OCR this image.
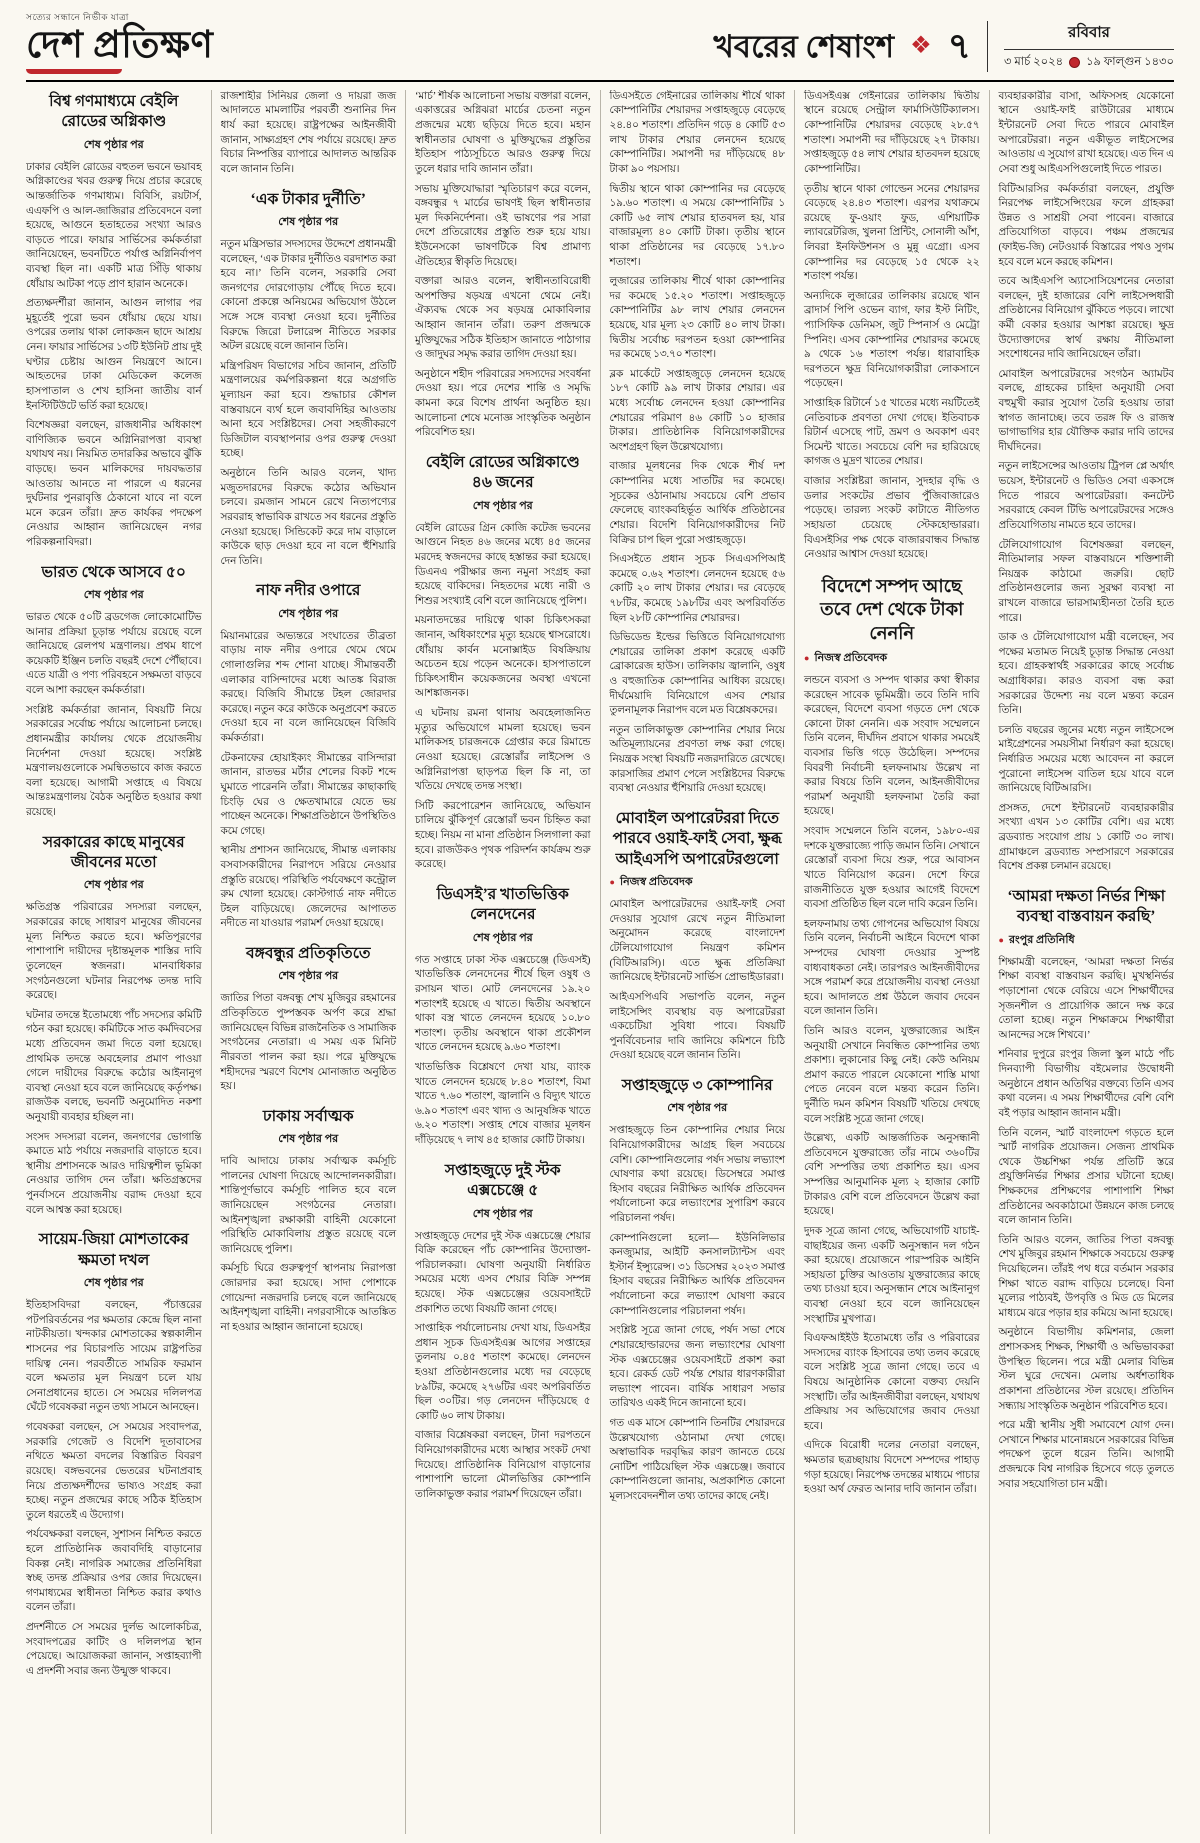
সত্যের সন্ধানে নির্ভীক যাত্রা
দেশ প্রতিক্ষণ	খবরের শেষাংশ ❖ ৭	রবিবার
৩ মার্চ ২০২৪ ১৯ ফাল্গুন ১৪৩০
বিশ্ব গণমাধ্যমে বেইলি রোডের অগ্নিকাণ্ড
শেষ পৃষ্ঠার পর

ঢাকার বেইলি রোডের বহুতল ভবনে ভয়াবহ অগ্নিকাণ্ডের খবর গুরুত্ব দিয়ে প্রচার করেছে আন্তর্জাতিক গণমাধ্যম। বিবিসি, রয়টার্স, এএফপি ও আল-জাজিরার প্রতিবেদনে বলা হয়েছে, আগুনে হতাহতের সংখ্যা আরও বাড়তে পারে। ফায়ার সার্ভিসের কর্মকর্তারা জানিয়েছেন, ভবনটিতে পর্যাপ্ত অগ্নিনির্বাপণ ব্যবস্থা ছিল না। একটি মাত্র সিঁড়ি থাকায় ধোঁয়ায় আটকা পড়ে প্রাণ হারান অনেকে।

প্রত্যক্ষদর্শীরা জানান, আগুন লাগার পর মুহূর্তেই পুরো ভবন ধোঁয়ায় ছেয়ে যায়। ওপরের তলায় থাকা লোকজন ছাদে আশ্রয় নেন। ফায়ার সার্ভিসের ১৩টি ইউনিট প্রায় দুই ঘণ্টার চেষ্টায় আগুন নিয়ন্ত্রণে আনে। আহতদের ঢাকা মেডিকেল কলেজ হাসপাতাল ও শেখ হাসিনা জাতীয় বার্ন ইনস্টিটিউটে ভর্তি করা হয়েছে।

বিশেষজ্ঞরা বলছেন, রাজধানীর অধিকাংশ বাণিজ্যিক ভবনে অগ্নিনিরাপত্তা ব্যবস্থা যথাযথ নয়। নিয়মিত তদারকির অভাবে ঝুঁকি বাড়ছে। ভবন মালিকদের দায়বদ্ধতার আওতায় আনতে না পারলে এ ধরনের দুর্ঘটনার পুনরাবৃত্তি ঠেকানো যাবে না বলে মনে করেন তাঁরা। দ্রুত কার্যকর পদক্ষেপ নেওয়ার আহ্বান জানিয়েছেন নগর পরিকল্পনাবিদরা।

ভারত থেকে আসবে ৫০
শেষ পৃষ্ঠার পর

ভারত থেকে ৫০টি ব্রডগেজ লোকোমোটিভ আনার প্রক্রিয়া চূড়ান্ত পর্যায়ে রয়েছে বলে জানিয়েছে রেলপথ মন্ত্রণালয়। প্রথম ধাপে কয়েকটি ইঞ্জিন চলতি বছরই দেশে পৌঁছাবে। এতে যাত্রী ও পণ্য পরিবহনে সক্ষমতা বাড়বে বলে আশা করছেন কর্মকর্তারা।

সংশ্লিষ্ট কর্মকর্তারা জানান, বিষয়টি নিয়ে সরকারের সর্বোচ্চ পর্যায়ে আলোচনা চলছে। প্রধানমন্ত্রীর কার্যালয় থেকে প্রয়োজনীয় নির্দেশনা দেওয়া হয়েছে। সংশ্লিষ্ট মন্ত্রণালয়গুলোকে সমন্বিতভাবে কাজ করতে বলা হয়েছে। আগামী সপ্তাহে এ বিষয়ে আন্তঃমন্ত্রণালয় বৈঠক অনুষ্ঠিত হওয়ার কথা রয়েছে।

সরকারের কাছে মানুষের জীবনের মতো
শেষ পৃষ্ঠার পর

ক্ষতিগ্রস্ত পরিবারের সদস্যরা বলছেন, সরকারের কাছে সাধারণ মানুষের জীবনের মূল্য নিশ্চিত করতে হবে। ক্ষতিপূরণের পাশাপাশি দায়ীদের দৃষ্টান্তমূলক শাস্তির দাবি তুলেছেন স্বজনরা। মানবাধিকার সংগঠনগুলো ঘটনার নিরপেক্ষ তদন্ত দাবি করেছে।

ঘটনার তদন্তে ইতোমধ্যে পাঁচ সদস্যের কমিটি গঠন করা হয়েছে। কমিটিকে সাত কর্মদিবসের মধ্যে প্রতিবেদন জমা দিতে বলা হয়েছে। প্রাথমিক তদন্তে অবহেলার প্রমাণ পাওয়া গেলে দায়ীদের বিরুদ্ধে কঠোর আইনানুগ ব্যবস্থা নেওয়া হবে বলে জানিয়েছে কর্তৃপক্ষ। রাজউক বলছে, ভবনটি অনুমোদিত নকশা অনুযায়ী ব্যবহার হচ্ছিল না।

সংসদ সদস্যরা বলেন, জনগণের ভোগান্তি কমাতে মাঠ পর্যায়ে নজরদারি বাড়াতে হবে। স্থানীয় প্রশাসনকে আরও দায়িত্বশীল ভূমিকা নেওয়ার তাগিদ দেন তাঁরা। ক্ষতিগ্রস্তদের পুনর্বাসনে প্রয়োজনীয় বরাদ্দ দেওয়া হবে বলে আশ্বস্ত করা হয়েছে।

সায়েম-জিয়া মোশতাকের ক্ষমতা দখল
শেষ পৃষ্ঠার পর

ইতিহাসবিদরা বলছেন, পঁচাত্তরের পটপরিবর্তনের পর ক্ষমতার কেন্দ্রে ছিল নানা নাটকীয়তা। খন্দকার মোশতাকের স্বল্পকালীন শাসনের পর বিচারপতি সায়েম রাষ্ট্রপতির দায়িত্ব নেন। পরবর্তীতে সামরিক ফরমান বলে ক্ষমতার মূল নিয়ন্ত্রণ চলে যায় সেনাপ্রধানের হাতে। সে সময়ের দলিলপত্র ঘেঁটে গবেষকরা নতুন তথ্য সামনে আনছেন।

গবেষকরা বলছেন, সে সময়ের সংবাদপত্র, সরকারি গেজেট ও বিদেশি দূতাবাসের নথিতে ক্ষমতা বদলের বিস্তারিত বিবরণ রয়েছে। বঙ্গভবনের ভেতরের ঘটনাপ্রবাহ নিয়ে প্রত্যক্ষদর্শীদের ভাষ্যও সংগ্রহ করা হচ্ছে। নতুন প্রজন্মের কাছে সঠিক ইতিহাস তুলে ধরতেই এ উদ্যোগ।

পর্যবেক্ষকরা বলছেন, সুশাসন নিশ্চিত করতে হলে প্রাতিষ্ঠানিক জবাবদিহি বাড়ানোর বিকল্প নেই। নাগরিক সমাজের প্রতিনিধিরা স্বচ্ছ তদন্ত প্রক্রিয়ার ওপর জোর দিয়েছেন। গণমাধ্যমের স্বাধীনতা নিশ্চিত করার কথাও বলেন তাঁরা।

প্রদর্শনীতে সে সময়ের দুর্লভ আলোকচিত্র, সংবাদপত্রের কাটিং ও দলিলপত্র স্থান পেয়েছে। আয়োজকরা জানান, সপ্তাহব্যাপী এ প্রদর্শনী সবার জন্য উন্মুক্ত থাকবে।

রাজশাহীর সিনিয়র জেলা ও দায়রা জজ আদালতে মামলাটির পরবর্তী শুনানির দিন ধার্য করা হয়েছে। রাষ্ট্রপক্ষের আইনজীবী জানান, সাক্ষ্যগ্রহণ শেষ পর্যায়ে রয়েছে। দ্রুত বিচার নিষ্পত্তির ব্যাপারে আদালত আন্তরিক বলে জানান তিনি।

‘এক টাকার দুর্নীতি’
শেষ পৃষ্ঠার পর

নতুন মন্ত্রিসভার সদস্যদের উদ্দেশে প্রধানমন্ত্রী বলেছেন, ‘এক টাকার দুর্নীতিও বরদাশত করা হবে না।’ তিনি বলেন, সরকারি সেবা জনগণের দোরগোড়ায় পৌঁছে দিতে হবে। কোনো প্রকল্পে অনিয়মের অভিযোগ উঠলে সঙ্গে সঙ্গে ব্যবস্থা নেওয়া হবে। দুর্নীতির বিরুদ্ধে জিরো টলারেন্স নীতিতে সরকার অটল রয়েছে বলে জানান তিনি।

মন্ত্রিপরিষদ বিভাগের সচিব জানান, প্রতিটি মন্ত্রণালয়ের কর্মপরিকল্পনা ধরে অগ্রগতি মূল্যায়ন করা হবে। শুদ্ধাচার কৌশল বাস্তবায়নে ব্যর্থ হলে জবাবদিহির আওতায় আনা হবে সংশ্লিষ্টদের। সেবা সহজীকরণে ডিজিটাল ব্যবস্থাপনার ওপর গুরুত্ব দেওয়া হচ্ছে।

অনুষ্ঠানে তিনি আরও বলেন, খাদ্য মজুতদারদের বিরুদ্ধে কঠোর অভিযান চলবে। রমজান সামনে রেখে নিত্যপণ্যের সরবরাহ স্বাভাবিক রাখতে সব ধরনের প্রস্তুতি নেওয়া হয়েছে। সিন্ডিকেট করে দাম বাড়ালে কাউকে ছাড় দেওয়া হবে না বলে হুঁশিয়ারি দেন তিনি।

নাফ নদীর ওপারে
শেষ পৃষ্ঠার পর

মিয়ানমারের অভ্যন্তরে সংঘাতের তীব্রতা বাড়ায় নাফ নদীর ওপারে থেমে থেমে গোলাগুলির শব্দ শোনা যাচ্ছে। সীমান্তবর্তী এলাকার বাসিন্দাদের মধ্যে আতঙ্ক বিরাজ করছে। বিজিবি সীমান্তে টহল জোরদার করেছে। নতুন করে কাউকে অনুপ্রবেশ করতে দেওয়া হবে না বলে জানিয়েছেন বিজিবি কর্মকর্তারা।

টেকনাফের হোয়াইক্যং সীমান্তের বাসিন্দারা জানান, রাতভর মর্টার শেলের বিকট শব্দে ঘুমাতে পারেননি তাঁরা। সীমান্তের কাছাকাছি চিংড়ি ঘের ও ক্ষেতখামারে যেতে ভয় পাচ্ছেন অনেকে। শিক্ষাপ্রতিষ্ঠানে উপস্থিতিও কমে গেছে।

স্থানীয় প্রশাসন জানিয়েছে, সীমান্ত এলাকায় বসবাসকারীদের নিরাপদে সরিয়ে নেওয়ার প্রস্তুতি রয়েছে। পরিস্থিতি পর্যবেক্ষণে কন্ট্রোল রুম খোলা হয়েছে। কোস্টগার্ড নাফ নদীতে টহল বাড়িয়েছে। জেলেদের আপাতত নদীতে না যাওয়ার পরামর্শ দেওয়া হয়েছে।

বঙ্গবন্ধুর প্রতিকৃতিতে
শেষ পৃষ্ঠার পর

জাতির পিতা বঙ্গবন্ধু শেখ মুজিবুর রহমানের প্রতিকৃতিতে পুষ্পস্তবক অর্পণ করে শ্রদ্ধা জানিয়েছেন বিভিন্ন রাজনৈতিক ও সামাজিক সংগঠনের নেতারা। এ সময় এক মিনিট নীরবতা পালন করা হয়। পরে মুক্তিযুদ্ধে শহীদদের স্মরণে বিশেষ মোনাজাত অনুষ্ঠিত হয়।

ঢাকায় সর্বাত্মক
শেষ পৃষ্ঠার পর

দাবি আদায়ে ঢাকায় সর্বাত্মক কর্মসূচি পালনের ঘোষণা দিয়েছে আন্দোলনকারীরা। শান্তিপূর্ণভাবে কর্মসূচি পালিত হবে বলে জানিয়েছেন সংগঠনের নেতারা। আইনশৃঙ্খলা রক্ষাকারী বাহিনী যেকোনো পরিস্থিতি মোকাবিলায় প্রস্তুত রয়েছে বলে জানিয়েছে পুলিশ।

কর্মসূচি ঘিরে গুরুত্বপূর্ণ স্থাপনায় নিরাপত্তা জোরদার করা হয়েছে। সাদা পোশাকে গোয়েন্দা নজরদারি চলছে বলে জানিয়েছে আইনশৃঙ্খলা বাহিনী। নগরবাসীকে আতঙ্কিত না হওয়ার আহ্বান জানানো হয়েছে।

‘মার্চ’ শীর্ষক আলোচনা সভায় বক্তারা বলেন, একাত্তরের অগ্নিঝরা মার্চের চেতনা নতুন প্রজন্মের মধ্যে ছড়িয়ে দিতে হবে। মহান স্বাধীনতার ঘোষণা ও মুক্তিযুদ্ধের প্রস্তুতির ইতিহাস পাঠ্যসূচিতে আরও গুরুত্ব দিয়ে তুলে ধরার দাবি জানান তাঁরা।

সভায় মুক্তিযোদ্ধারা স্মৃতিচারণ করে বলেন, বঙ্গবন্ধুর ৭ মার্চের ভাষণই ছিল স্বাধীনতার মূল দিকনির্দেশনা। ওই ভাষণের পর সারা দেশে প্রতিরোধের প্রস্তুতি শুরু হয়ে যায়। ইউনেসকো ভাষণটিকে বিশ্ব প্রামাণ্য ঐতিহ্যের স্বীকৃতি দিয়েছে।

বক্তারা আরও বলেন, স্বাধীনতাবিরোধী অপশক্তির ষড়যন্ত্র এখনো থেমে নেই। ঐক্যবদ্ধ থেকে সব ষড়যন্ত্র মোকাবিলার আহ্বান জানান তাঁরা। তরুণ প্রজন্মকে মুক্তিযুদ্ধের সঠিক ইতিহাস জানাতে পাঠাগার ও জাদুঘর সমৃদ্ধ করার তাগিদ দেওয়া হয়।

অনুষ্ঠানে শহীদ পরিবারের সদস্যদের সংবর্ধনা দেওয়া হয়। পরে দেশের শান্তি ও সমৃদ্ধি কামনা করে বিশেষ প্রার্থনা অনুষ্ঠিত হয়। আলোচনা শেষে মনোজ্ঞ সাংস্কৃতিক অনুষ্ঠান পরিবেশিত হয়।

বেইলি রোডের অগ্নিকাণ্ডে ৪৬ জনের
শেষ পৃষ্ঠার পর

বেইলি রোডের গ্রিন কোজি কটেজ ভবনের আগুনে নিহত ৪৬ জনের মধ্যে ৪৫ জনের মরদেহ স্বজনদের কাছে হস্তান্তর করা হয়েছে। ডিএনএ পরীক্ষার জন্য নমুনা সংগ্রহ করা হয়েছে বাকিদের। নিহতদের মধ্যে নারী ও শিশুর সংখ্যাই বেশি বলে জানিয়েছে পুলিশ।

ময়নাতদন্তের দায়িত্বে থাকা চিকিৎসকরা জানান, অধিকাংশের মৃত্যু হয়েছে শ্বাসরোধে। ধোঁয়ায় কার্বন মনোক্সাইড বিষক্রিয়ায় অচেতন হয়ে পড়েন অনেকে। হাসপাতালে চিকিৎসাধীন কয়েকজনের অবস্থা এখনো আশঙ্কাজনক।

এ ঘটনায় রমনা থানায় অবহেলাজনিত মৃত্যুর অভিযোগে মামলা হয়েছে। ভবন মালিকসহ চারজনকে গ্রেপ্তার করে রিমান্ডে নেওয়া হয়েছে। রেস্তোরাঁর লাইসেন্স ও অগ্নিনিরাপত্তা ছাড়পত্র ছিল কি না, তা খতিয়ে দেখছে তদন্ত সংস্থা।

সিটি করপোরেশন জানিয়েছে, অভিযান চালিয়ে ঝুঁকিপূর্ণ রেস্তোরাঁ ভবন চিহ্নিত করা হচ্ছে। নিয়ম না মানা প্রতিষ্ঠান সিলগালা করা হবে। রাজউকও পৃথক পরিদর্শন কার্যক্রম শুরু করেছে।

ডিএসই’র খাতভিত্তিক লেনদেনের
শেষ পৃষ্ঠার পর

গত সপ্তাহে ঢাকা স্টক এক্সচেঞ্জে (ডিএসই) খাতভিত্তিক লেনদেনের শীর্ষে ছিল ওষুধ ও রসায়ন খাত। মোট লেনদেনের ১৯.২০ শতাংশই হয়েছে এ খাতে। দ্বিতীয় অবস্থানে থাকা বস্ত্র খাতে লেনদেন হয়েছে ১০.৮০ শতাংশ। তৃতীয় অবস্থানে থাকা প্রকৌশল খাতে লেনদেন হয়েছে ৯.৬০ শতাংশ।

খাতভিত্তিক বিশ্লেষণে দেখা যায়, ব্যাংক খাতে লেনদেন হয়েছে ৮.৪০ শতাংশ, বিমা খাতে ৭.৬০ শতাংশ, জ্বালানি ও বিদ্যুৎ খাতে ৬.৯০ শতাংশ এবং খাদ্য ও আনুষঙ্গিক খাতে ৬.২০ শতাংশ। সপ্তাহ শেষে বাজার মূলধন দাঁড়িয়েছে ৭ লাখ ৪৫ হাজার কোটি টাকায়।

সপ্তাহজুড়ে দুই স্টক এক্সচেঞ্জে ৫
শেষ পৃষ্ঠার পর

সপ্তাহজুড়ে দেশের দুই স্টক এক্সচেঞ্জে শেয়ার বিক্রি করেছেন পাঁচ কোম্পানির উদ্যোক্তা-পরিচালকরা। ঘোষণা অনুযায়ী নির্ধারিত সময়ের মধ্যে এসব শেয়ার বিক্রি সম্পন্ন হয়েছে। স্টক এক্সচেঞ্জের ওয়েবসাইটে প্রকাশিত তথ্যে বিষয়টি জানা গেছে।

সাপ্তাহিক পর্যালোচনায় দেখা যায়, ডিএসইর প্রধান সূচক ডিএসইএক্স আগের সপ্তাহের তুলনায় ০.৪৫ শতাংশ কমেছে। লেনদেন হওয়া প্রতিষ্ঠানগুলোর মধ্যে দর বেড়েছে ৮৯টির, কমেছে ২৭৬টির এবং অপরিবর্তিত ছিল ৩০টির। গড় লেনদেন দাঁড়িয়েছে ৫ কোটি ৬০ লাখ টাকায়।

বাজার বিশ্লেষকরা বলছেন, টানা দরপতনে বিনিয়োগকারীদের মধ্যে আস্থার সংকট দেখা দিয়েছে। প্রাতিষ্ঠানিক বিনিয়োগ বাড়ানোর পাশাপাশি ভালো মৌলভিত্তির কোম্পানি তালিকাভুক্ত করার পরামর্শ দিয়েছেন তাঁরা।

ডিএসইতে গেইনারের তালিকায় শীর্ষে থাকা কোম্পানিটির শেয়ারদর সপ্তাহজুড়ে বেড়েছে ২৪.৪০ শতাংশ। প্রতিদিন গড়ে ৪ কোটি ৫৩ লাখ টাকার শেয়ার লেনদেন হয়েছে কোম্পানিটির। সমাপনী দর দাঁড়িয়েছে ৪৮ টাকা ৯০ পয়সায়।

দ্বিতীয় স্থানে থাকা কোম্পানির দর বেড়েছে ১৯.৬০ শতাংশ। এ সময়ে কোম্পানিটির ১ কোটি ৬৫ লাখ শেয়ার হাতবদল হয়, যার বাজারমূল্য ৪০ কোটি টাকা। তৃতীয় স্থানে থাকা প্রতিষ্ঠানের দর বেড়েছে ১৭.৮০ শতাংশ।

লুজারের তালিকায় শীর্ষে থাকা কোম্পানির দর কমেছে ১৫.২০ শতাংশ। সপ্তাহজুড়ে কোম্পানিটির ৯৮ লাখ শেয়ার লেনদেন হয়েছে, যার মূল্য ২৩ কোটি ৪০ লাখ টাকা। দ্বিতীয় সর্বোচ্চ দরপতন হওয়া কোম্পানির দর কমেছে ১৩.৭০ শতাংশ।

ব্লক মার্কেটে সপ্তাহজুড়ে লেনদেন হয়েছে ১৮৭ কোটি ৯৯ লাখ টাকার শেয়ার। এর মধ্যে সর্বোচ্চ লেনদেন হওয়া কোম্পানির শেয়ারের পরিমাণ ৪৬ কোটি ১০ হাজার টাকার। প্রাতিষ্ঠানিক বিনিয়োগকারীদের অংশগ্রহণ ছিল উল্লেখযোগ্য।

বাজার মূলধনের দিক থেকে শীর্ষ দশ কোম্পানির মধ্যে সাতটির দর কমেছে। সূচকের ওঠানামায় সবচেয়ে বেশি প্রভাব ফেলেছে ব্যাংকবহির্ভূত আর্থিক প্রতিষ্ঠানের শেয়ার। বিদেশি বিনিয়োগকারীদের নিট বিক্রির চাপ ছিল পুরো সপ্তাহজুড়ে।

সিএসইতে প্রধান সূচক সিএএসপিআই কমেছে ০.৬২ শতাংশ। লেনদেন হয়েছে ৫৬ কোটি ২০ লাখ টাকার শেয়ার। দর বেড়েছে ৭৮টির, কমেছে ১৯৮টির এবং অপরিবর্তিত ছিল ২৮টি কোম্পানির শেয়ারদর।

ডিভিডেন্ড ইল্ডের ভিত্তিতে বিনিয়োগযোগ্য শেয়ারের তালিকা প্রকাশ করেছে একটি ব্রোকারেজ হাউস। তালিকায় জ্বালানি, ওষুধ ও বহুজাতিক কোম্পানির আধিক্য রয়েছে। দীর্ঘমেয়াদি বিনিয়োগে এসব শেয়ার তুলনামূলক নিরাপদ বলে মত বিশ্লেষকদের।

নতুন তালিকাভুক্ত কোম্পানির শেয়ার নিয়ে অতিমূল্যায়নের প্রবণতা লক্ষ করা গেছে। নিয়ন্ত্রক সংস্থা বিষয়টি নজরদারিতে রেখেছে। কারসাজির প্রমাণ পেলে সংশ্লিষ্টদের বিরুদ্ধে ব্যবস্থা নেওয়ার হুঁশিয়ারি দেওয়া হয়েছে।

মোবাইল অপারেটররা দিতে পারবে ওয়াই-ফাই সেবা, ক্ষুব্ধ আইএসপি অপারেটরগুলো
● নিজস্ব প্রতিবেদক

মোবাইল অপারেটরদের ওয়াই-ফাই সেবা দেওয়ার সুযোগ রেখে নতুন নীতিমালা অনুমোদন করেছে বাংলাদেশ টেলিযোগাযোগ নিয়ন্ত্রণ কমিশন (বিটিআরসি)। এতে ক্ষুব্ধ প্রতিক্রিয়া জানিয়েছে ইন্টারনেট সার্ভিস প্রোভাইডাররা।

আইএসপিএবি সভাপতি বলেন, নতুন লাইসেন্সিং ব্যবস্থায় বড় অপারেটররা একচেটিয়া সুবিধা পাবে। বিষয়টি পুনর্বিবেচনার দাবি জানিয়ে কমিশনে চিঠি দেওয়া হয়েছে বলে জানান তিনি।

সপ্তাহজুড়ে ৩ কোম্পানির
শেষ পৃষ্ঠার পর

সপ্তাহজুড়ে তিন কোম্পানির শেয়ার নিয়ে বিনিয়োগকারীদের আগ্রহ ছিল সবচেয়ে বেশি। কোম্পানিগুলোর পর্ষদ সভায় লভ্যাংশ ঘোষণার কথা রয়েছে। ডিসেম্বরে সমাপ্ত হিসাব বছরের নিরীক্ষিত আর্থিক প্রতিবেদন পর্যালোচনা করে লভ্যাংশের সুপারিশ করবে পরিচালনা পর্ষদ।

কোম্পানিগুলো হলো— ইউনিলিভার কনজ্যুমার, আইটি কনসালট্যান্টস এবং ইস্টার্ন ইন্স্যুরেন্স। ৩১ ডিসেম্বর ২০২৩ সমাপ্ত হিসাব বছরের নিরীক্ষিত আর্থিক প্রতিবেদন পর্যালোচনা করে লভ্যাংশ ঘোষণা করবে কোম্পানিগুলোর পরিচালনা পর্ষদ।

সংশ্লিষ্ট সূত্রে জানা গেছে, পর্ষদ সভা শেষে শেয়ারহোল্ডারদের জন্য লভ্যাংশের ঘোষণা স্টক এক্সচেঞ্জের ওয়েবসাইটে প্রকাশ করা হবে। রেকর্ড ডেট পর্যন্ত শেয়ার ধারণকারীরা লভ্যাংশ পাবেন। বার্ষিক সাধারণ সভার তারিখও একই দিনে জানানো হবে।

গত এক মাসে কোম্পানি তিনটির শেয়ারদরে উল্লেখযোগ্য ওঠানামা দেখা গেছে। অস্বাভাবিক দরবৃদ্ধির কারণ জানতে চেয়ে নোটিশ পাঠিয়েছিল স্টক এক্সচেঞ্জ। জবাবে কোম্পানিগুলো জানায়, অপ্রকাশিত কোনো মূল্যসংবেদনশীল তথ্য তাদের কাছে নেই।

ডিএসইএক্স গেইনারের তালিকায় দ্বিতীয় স্থানে রয়েছে সেন্ট্রাল ফার্মাসিউটিক্যালস। কোম্পানিটির শেয়ারদর বেড়েছে ২৮.৫৭ শতাংশ। সমাপনী দর দাঁড়িয়েছে ২৭ টাকায়। সপ্তাহজুড়ে ৫৪ লাখ শেয়ার হাতবদল হয়েছে কোম্পানিটির।

তৃতীয় স্থানে থাকা গোল্ডেন সনের শেয়ারদর বেড়েছে ২৪.৪৩ শতাংশ। এরপর যথাক্রমে রয়েছে ফু-ওয়াং ফুড, এশিয়াটিক ল্যাবরেটরিজ, খুলনা প্রিন্টিং, সোনালী আঁশ, লিবরা ইনফিউশনস ও মুন্নু এগ্রো। এসব কোম্পানির দর বেড়েছে ১৫ থেকে ২২ শতাংশ পর্যন্ত।

অন্যদিকে লুজারের তালিকায় রয়েছে খান ব্রাদার্স পিপি ওভেন ব্যাগ, ফার ইস্ট নিটিং, প্যাসিফিক ডেনিমস, জুট স্পিনার্স ও মেট্রো স্পিনিং। এসব কোম্পানির শেয়ারদর কমেছে ৯ থেকে ১৬ শতাংশ পর্যন্ত। ধারাবাহিক দরপতনে ক্ষুদ্র বিনিয়োগকারীরা লোকসানে পড়েছেন।

সাপ্তাহিক রিটার্নে ১৫ খাতের মধ্যে নয়টিতেই নেতিবাচক প্রবণতা দেখা গেছে। ইতিবাচক রিটার্ন এসেছে পাট, ভ্রমণ ও অবকাশ এবং সিমেন্ট খাতে। সবচেয়ে বেশি দর হারিয়েছে কাগজ ও মুদ্রণ খাতের শেয়ার।

বাজার সংশ্লিষ্টরা জানান, সুদহার বৃদ্ধি ও ডলার সংকটের প্রভাব পুঁজিবাজারেও পড়েছে। তারল্য সংকট কাটাতে নীতিগত সহায়তা চেয়েছে স্টেকহোল্ডাররা। বিএসইসির পক্ষ থেকে বাজারবান্ধব সিদ্ধান্ত নেওয়ার আশ্বাস দেওয়া হয়েছে।

বিদেশে সম্পদ আছে তবে দেশ থেকে টাকা নেননি
● নিজস্ব প্রতিবেদক

লন্ডনে ব্যবসা ও সম্পদ থাকার কথা স্বীকার করেছেন সাবেক ভূমিমন্ত্রী। তবে তিনি দাবি করেছেন, বিদেশে ব্যবসা গড়তে দেশ থেকে কোনো টাকা নেননি। এক সংবাদ সম্মেলনে তিনি বলেন, দীর্ঘদিন প্রবাসে থাকার সময়েই ব্যবসার ভিত্তি গড়ে উঠেছিল। সম্পদের বিবরণী নির্বাচনী হলফনামায় উল্লেখ না করার বিষয়ে তিনি বলেন, আইনজীবীদের পরামর্শ অনুযায়ী হলফনামা তৈরি করা হয়েছে।

সংবাদ সম্মেলনে তিনি বলেন, ১৯৮০-এর দশকে যুক্তরাজ্যে পাড়ি জমান তিনি। সেখানে রেস্তোরাঁ ব্যবসা দিয়ে শুরু, পরে আবাসন খাতে বিনিয়োগ করেন। দেশে ফিরে রাজনীতিতে যুক্ত হওয়ার আগেই বিদেশে ব্যবসা প্রতিষ্ঠিত ছিল বলে দাবি করেন তিনি।

হলফনামায় তথ্য গোপনের অভিযোগ বিষয়ে তিনি বলেন, নির্বাচনী আইনে বিদেশে থাকা সম্পদের ঘোষণা দেওয়ার সুস্পষ্ট বাধ্যবাধকতা নেই। তারপরও আইনজীবীদের সঙ্গে পরামর্শ করে প্রয়োজনীয় ব্যবস্থা নেওয়া হবে। আদালতে প্রশ্ন উঠলে জবাব দেবেন বলে জানান তিনি।

তিনি আরও বলেন, যুক্তরাজ্যের আইন অনুযায়ী সেখানে নিবন্ধিত কোম্পানির তথ্য প্রকাশ্য। লুকানোর কিছু নেই। কেউ অনিয়ম প্রমাণ করতে পারলে যেকোনো শাস্তি মাথা পেতে নেবেন বলে মন্তব্য করেন তিনি। দুর্নীতি দমন কমিশন বিষয়টি খতিয়ে দেখছে বলে সংশ্লিষ্ট সূত্রে জানা গেছে।

উল্লেখ্য, একটি আন্তর্জাতিক অনুসন্ধানী প্রতিবেদনে যুক্তরাজ্যে তাঁর নামে ৩৬০টির বেশি সম্পত্তির তথ্য প্রকাশিত হয়। এসব সম্পত্তির আনুমানিক মূল্য ২ হাজার কোটি টাকারও বেশি বলে প্রতিবেদনে উল্লেখ করা হয়েছে।

দুদক সূত্রে জানা গেছে, অভিযোগটি যাচাই-বাছাইয়ের জন্য একটি অনুসন্ধান দল গঠন করা হয়েছে। প্রয়োজনে পারস্পরিক আইনি সহায়তা চুক্তির আওতায় যুক্তরাজ্যের কাছে তথ্য চাওয়া হবে। অনুসন্ধান শেষে আইনানুগ ব্যবস্থা নেওয়া হবে বলে জানিয়েছেন সংস্থাটির মুখপাত্র।

বিএফআইইউ ইতোমধ্যে তাঁর ও পরিবারের সদস্যদের ব্যাংক হিসাবের তথ্য তলব করেছে বলে সংশ্লিষ্ট সূত্রে জানা গেছে। তবে এ বিষয়ে আনুষ্ঠানিক কোনো বক্তব্য দেয়নি সংস্থাটি। তাঁর আইনজীবীরা বলছেন, যথাযথ প্রক্রিয়ায় সব অভিযোগের জবাব দেওয়া হবে।

এদিকে বিরোধী দলের নেতারা বলছেন, ক্ষমতার ছত্রচ্ছায়ায় বিদেশে সম্পদের পাহাড় গড়া হয়েছে। নিরপেক্ষ তদন্তের মাধ্যমে পাচার হওয়া অর্থ ফেরত আনার দাবি জানান তাঁরা।

ব্যবহারকারীর বাসা, অফিসসহ যেকোনো স্থানে ওয়াই-ফাই রাউটারের মাধ্যমে ইন্টারনেট সেবা দিতে পারবে মোবাইল অপারেটররা। নতুন একীভূত লাইসেন্সের আওতায় এ সুযোগ রাখা হয়েছে। এত দিন এ সেবা শুধু আইএসপিগুলোই দিতে পারত।

বিটিআরসির কর্মকর্তারা বলছেন, প্রযুক্তি নিরপেক্ষ লাইসেন্সিংয়ের ফলে গ্রাহকরা উন্নত ও সাশ্রয়ী সেবা পাবেন। বাজারে প্রতিযোগিতা বাড়বে। পঞ্চম প্রজন্মের (ফাইভ-জি) নেটওয়ার্ক বিস্তারের পথও সুগম হবে বলে মনে করছে কমিশন।

তবে আইএসপি অ্যাসোসিয়েশনের নেতারা বলছেন, দুই হাজারের বেশি লাইসেন্সধারী প্রতিষ্ঠানের বিনিয়োগ ঝুঁকিতে পড়বে। লাখো কর্মী বেকার হওয়ার আশঙ্কা রয়েছে। ক্ষুদ্র উদ্যোক্তাদের স্বার্থ রক্ষায় নীতিমালা সংশোধনের দাবি জানিয়েছেন তাঁরা।

মোবাইল অপারেটরদের সংগঠন অ্যামটব বলছে, গ্রাহকের চাহিদা অনুযায়ী সেবা বহুমুখী করার সুযোগ তৈরি হওয়ায় তারা স্বাগত জানাচ্ছে। তবে তরঙ্গ ফি ও রাজস্ব ভাগাভাগির হার যৌক্তিক করার দাবি তাদের দীর্ঘদিনের।

নতুন লাইসেন্সের আওতায় ট্রিপল প্লে অর্থাৎ ভয়েস, ইন্টারনেট ও ভিডিও সেবা একসঙ্গে দিতে পারবে অপারেটররা। কনটেন্ট সরবরাহে কেবল টিভি অপারেটরদের সঙ্গেও প্রতিযোগিতায় নামতে হবে তাদের।

টেলিযোগাযোগ বিশেষজ্ঞরা বলছেন, নীতিমালার সফল বাস্তবায়নে শক্তিশালী নিয়ন্ত্রক কাঠামো জরুরি। ছোট প্রতিষ্ঠানগুলোর জন্য সুরক্ষা ব্যবস্থা না রাখলে বাজারে ভারসাম্যহীনতা তৈরি হতে পারে।

ডাক ও টেলিযোগাযোগ মন্ত্রী বলেছেন, সব পক্ষের মতামত নিয়েই চূড়ান্ত সিদ্ধান্ত নেওয়া হবে। গ্রাহকস্বার্থই সরকারের কাছে সর্বোচ্চ অগ্রাধিকার। কারও ব্যবসা বন্ধ করা সরকারের উদ্দেশ্য নয় বলে মন্তব্য করেন তিনি।

চলতি বছরের জুনের মধ্যে নতুন লাইসেন্সে মাইগ্রেশনের সময়সীমা নির্ধারণ করা হয়েছে। নির্ধারিত সময়ের মধ্যে আবেদন না করলে পুরোনো লাইসেন্স বাতিল হয়ে যাবে বলে জানিয়েছে বিটিআরসি।

প্রসঙ্গত, দেশে ইন্টারনেট ব্যবহারকারীর সংখ্যা এখন ১৩ কোটির বেশি। এর মধ্যে ব্রডব্যান্ড সংযোগ প্রায় ১ কোটি ৩০ লাখ। গ্রামাঞ্চলে ব্রডব্যান্ড সম্প্রসারণে সরকারের বিশেষ প্রকল্প চলমান রয়েছে।

‘আমরা দক্ষতা নির্ভর শিক্ষা ব্যবস্থা বাস্তবায়ন করছি’
● রংপুর প্রতিনিধি

শিক্ষামন্ত্রী বলেছেন, ‘আমরা দক্ষতা নির্ভর শিক্ষা ব্যবস্থা বাস্তবায়ন করছি। মুখস্থনির্ভর পড়াশোনা থেকে বেরিয়ে এসে শিক্ষার্থীদের সৃজনশীল ও প্রায়োগিক জ্ঞানে দক্ষ করে তোলা হচ্ছে। নতুন শিক্ষাক্রমে শিক্ষার্থীরা আনন্দের সঙ্গে শিখবে।’

শনিবার দুপুরে রংপুর জিলা স্কুল মাঠে পাঁচ দিনব্যাপী বিভাগীয় বইমেলার উদ্বোধনী অনুষ্ঠানে প্রধান অতিথির বক্তব্যে তিনি এসব কথা বলেন। এ সময় শিক্ষার্থীদের বেশি বেশি বই পড়ার আহ্বান জানান মন্ত্রী।

তিনি বলেন, স্মার্ট বাংলাদেশ গড়তে হলে স্মার্ট নাগরিক প্রয়োজন। সেজন্য প্রাথমিক থেকে উচ্চশিক্ষা পর্যন্ত প্রতিটি স্তরে প্রযুক্তিনির্ভর শিক্ষার প্রসার ঘটানো হচ্ছে। শিক্ষকদের প্রশিক্ষণের পাশাপাশি শিক্ষা প্রতিষ্ঠানের অবকাঠামো উন্নয়নে কাজ চলছে বলে জানান তিনি।

তিনি আরও বলেন, জাতির পিতা বঙ্গবন্ধু শেখ মুজিবুর রহমান শিক্ষাকে সবচেয়ে গুরুত্ব দিয়েছিলেন। তাঁরই পথ ধরে বর্তমান সরকার শিক্ষা খাতে বরাদ্দ বাড়িয়ে চলেছে। বিনা মূল্যের পাঠ্যবই, উপবৃত্তি ও মিড ডে মিলের মাধ্যমে ঝরে পড়ার হার কমিয়ে আনা হয়েছে।

অনুষ্ঠানে বিভাগীয় কমিশনার, জেলা প্রশাসকসহ শিক্ষক, শিক্ষার্থী ও অভিভাবকরা উপস্থিত ছিলেন। পরে মন্ত্রী মেলার বিভিন্ন স্টল ঘুরে দেখেন। মেলায় অর্ধশতাধিক প্রকাশনা প্রতিষ্ঠানের স্টল রয়েছে। প্রতিদিন সন্ধ্যায় সাংস্কৃতিক অনুষ্ঠান পরিবেশিত হবে।

পরে মন্ত্রী স্থানীয় সুধী সমাবেশে যোগ দেন। সেখানে শিক্ষার মানোন্নয়নে সরকারের বিভিন্ন পদক্ষেপ তুলে ধরেন তিনি। আগামী প্রজন্মকে বিশ্ব নাগরিক হিসেবে গড়ে তুলতে সবার সহযোগিতা চান মন্ত্রী।
